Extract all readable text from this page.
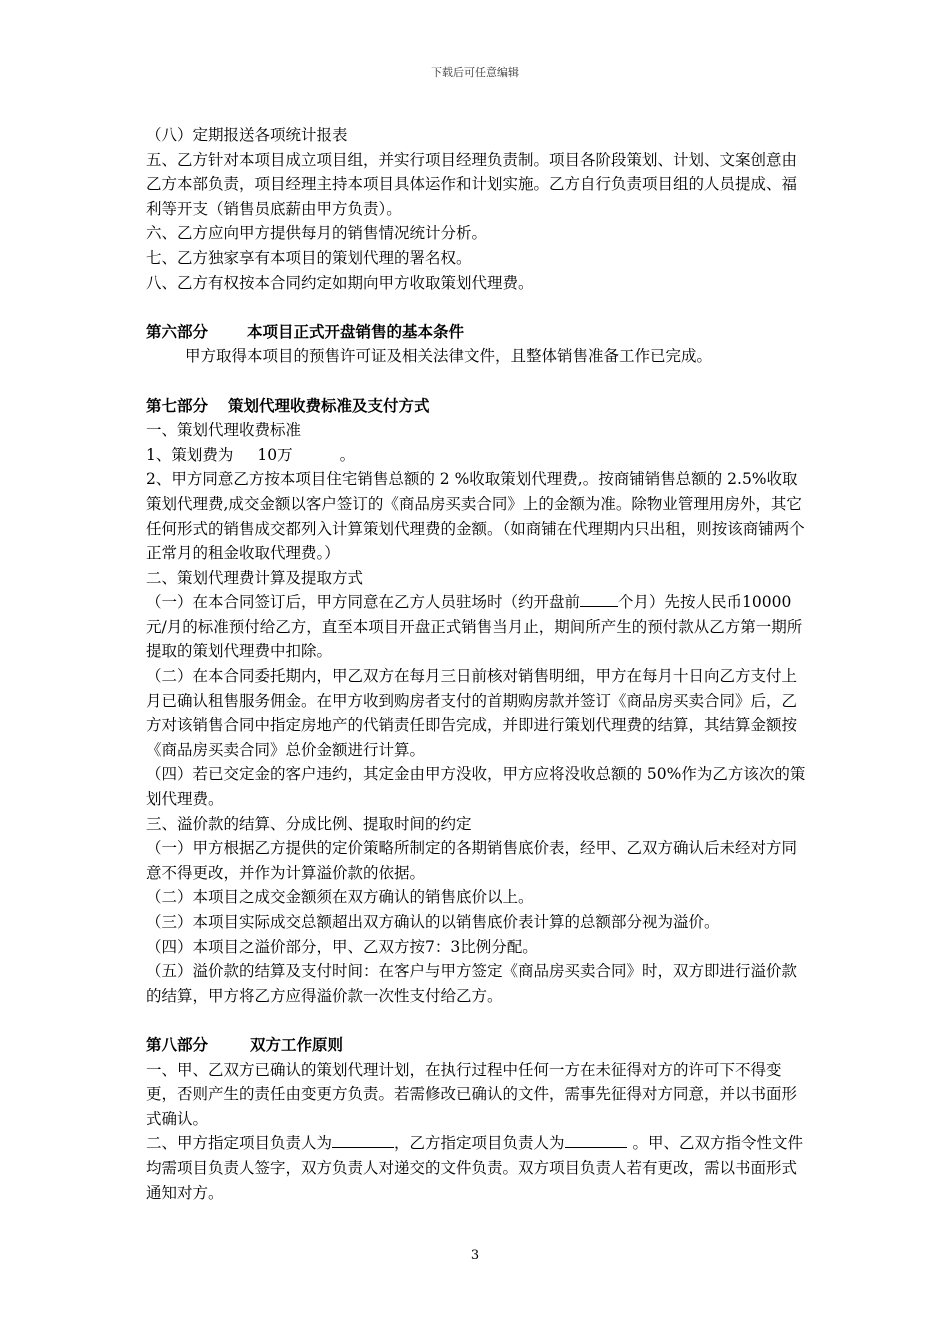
下载后可任意编辑

（八）定期报送各项统计报表

五、乙方针对本项目成立项目组，并实行项目经理负责制。项目各阶段策划、计划、文案创意由乙方本部负责，项目经理主持本项目具体运作和计划实施。乙方自行负责项目组的人员提成、福利等开支（销售员底薪由甲方负责）。

六、乙方应向甲方提供每月的销售情况统计分析。

七、乙方独家享有本项目的策划代理的署名权。

八、乙方有权按本合同约定如期向甲方收取策划代理费。

第六部分	本项目正式开盘销售的基本条件

甲方取得本项目的预售许可证及相关法律文件，且整体销售准备工作已完成。

第七部分 策划代理收费标准及支付方式

一、策划代理收费标准

1、策划费为 10万	。

2、甲方同意乙方按本项目住宅销售总额的 2 %收取策划代理费,。按商铺销售总额的 2.5%收取策划代理费,成交金额以客户签订的《商品房买卖合同》上的金额为准。除物业管理用房外，其它任何形式的销售成交都列入计算策划代理费的金额。（如商铺在代理期内只出租，则按该商铺两个正常月的租金收取代理费。）

二、策划代理费计算及提取方式

（一）在本合同签订后，甲方同意在乙方人员驻场时（约开盘前 个月）先按人民币10000元/月的标准预付给乙方，直至本项目开盘正式销售当月止，期间所产生的预付款从乙方第一期所提取的策划代理费中扣除。

（二）在本合同委托期内，甲乙双方在每月三日前核对销售明细，甲方在每月十日向乙方支付上月已确认租售服务佣金。在甲方收到购房者支付的首期购房款并签订《商品房买卖合同》后，乙方对该销售合同中指定房地产的代销责任即告完成，并即进行策划代理费的结算，其结算金额按《商品房买卖合同》总价金额进行计算。

（四）若已交定金的客户违约，其定金由甲方没收，甲方应将没收总额的 50%作为乙方该次的策划代理费。

三、溢价款的结算、分成比例、提取时间的约定

（一）甲方根据乙方提供的定价策略所制定的各期销售底价表，经甲、乙双方确认后未经对方同意不得更改，并作为计算溢价款的依据。

（二）本项目之成交金额须在双方确认的销售底价以上。

（三）本项目实际成交总额超出双方确认的以销售底价表计算的总额部分视为溢价。

（四）本项目之溢价部分，甲、乙双方按7：3比例分配。

（五）溢价款的结算及支付时间：在客户与甲方签定《商品房买卖合同》时，双方即进行溢价款的结算，甲方将乙方应得溢价款一次性支付给乙方。

第八部分	双方工作原则

一、甲、乙双方已确认的策划代理计划，在执行过程中任何一方在未征得对方的许可下不得变更，否则产生的责任由变更方负责。若需修改已确认的文件，需事先征得对方同意，并以书面形式确认。

二、甲方指定项目负责人为	，乙方指定项目负责人为	。甲、乙双方指令性文件均需项目负责人签字，双方负责人对递交的文件负责。双方项目负责人若有更改，需以书面形式通知对方。

3
